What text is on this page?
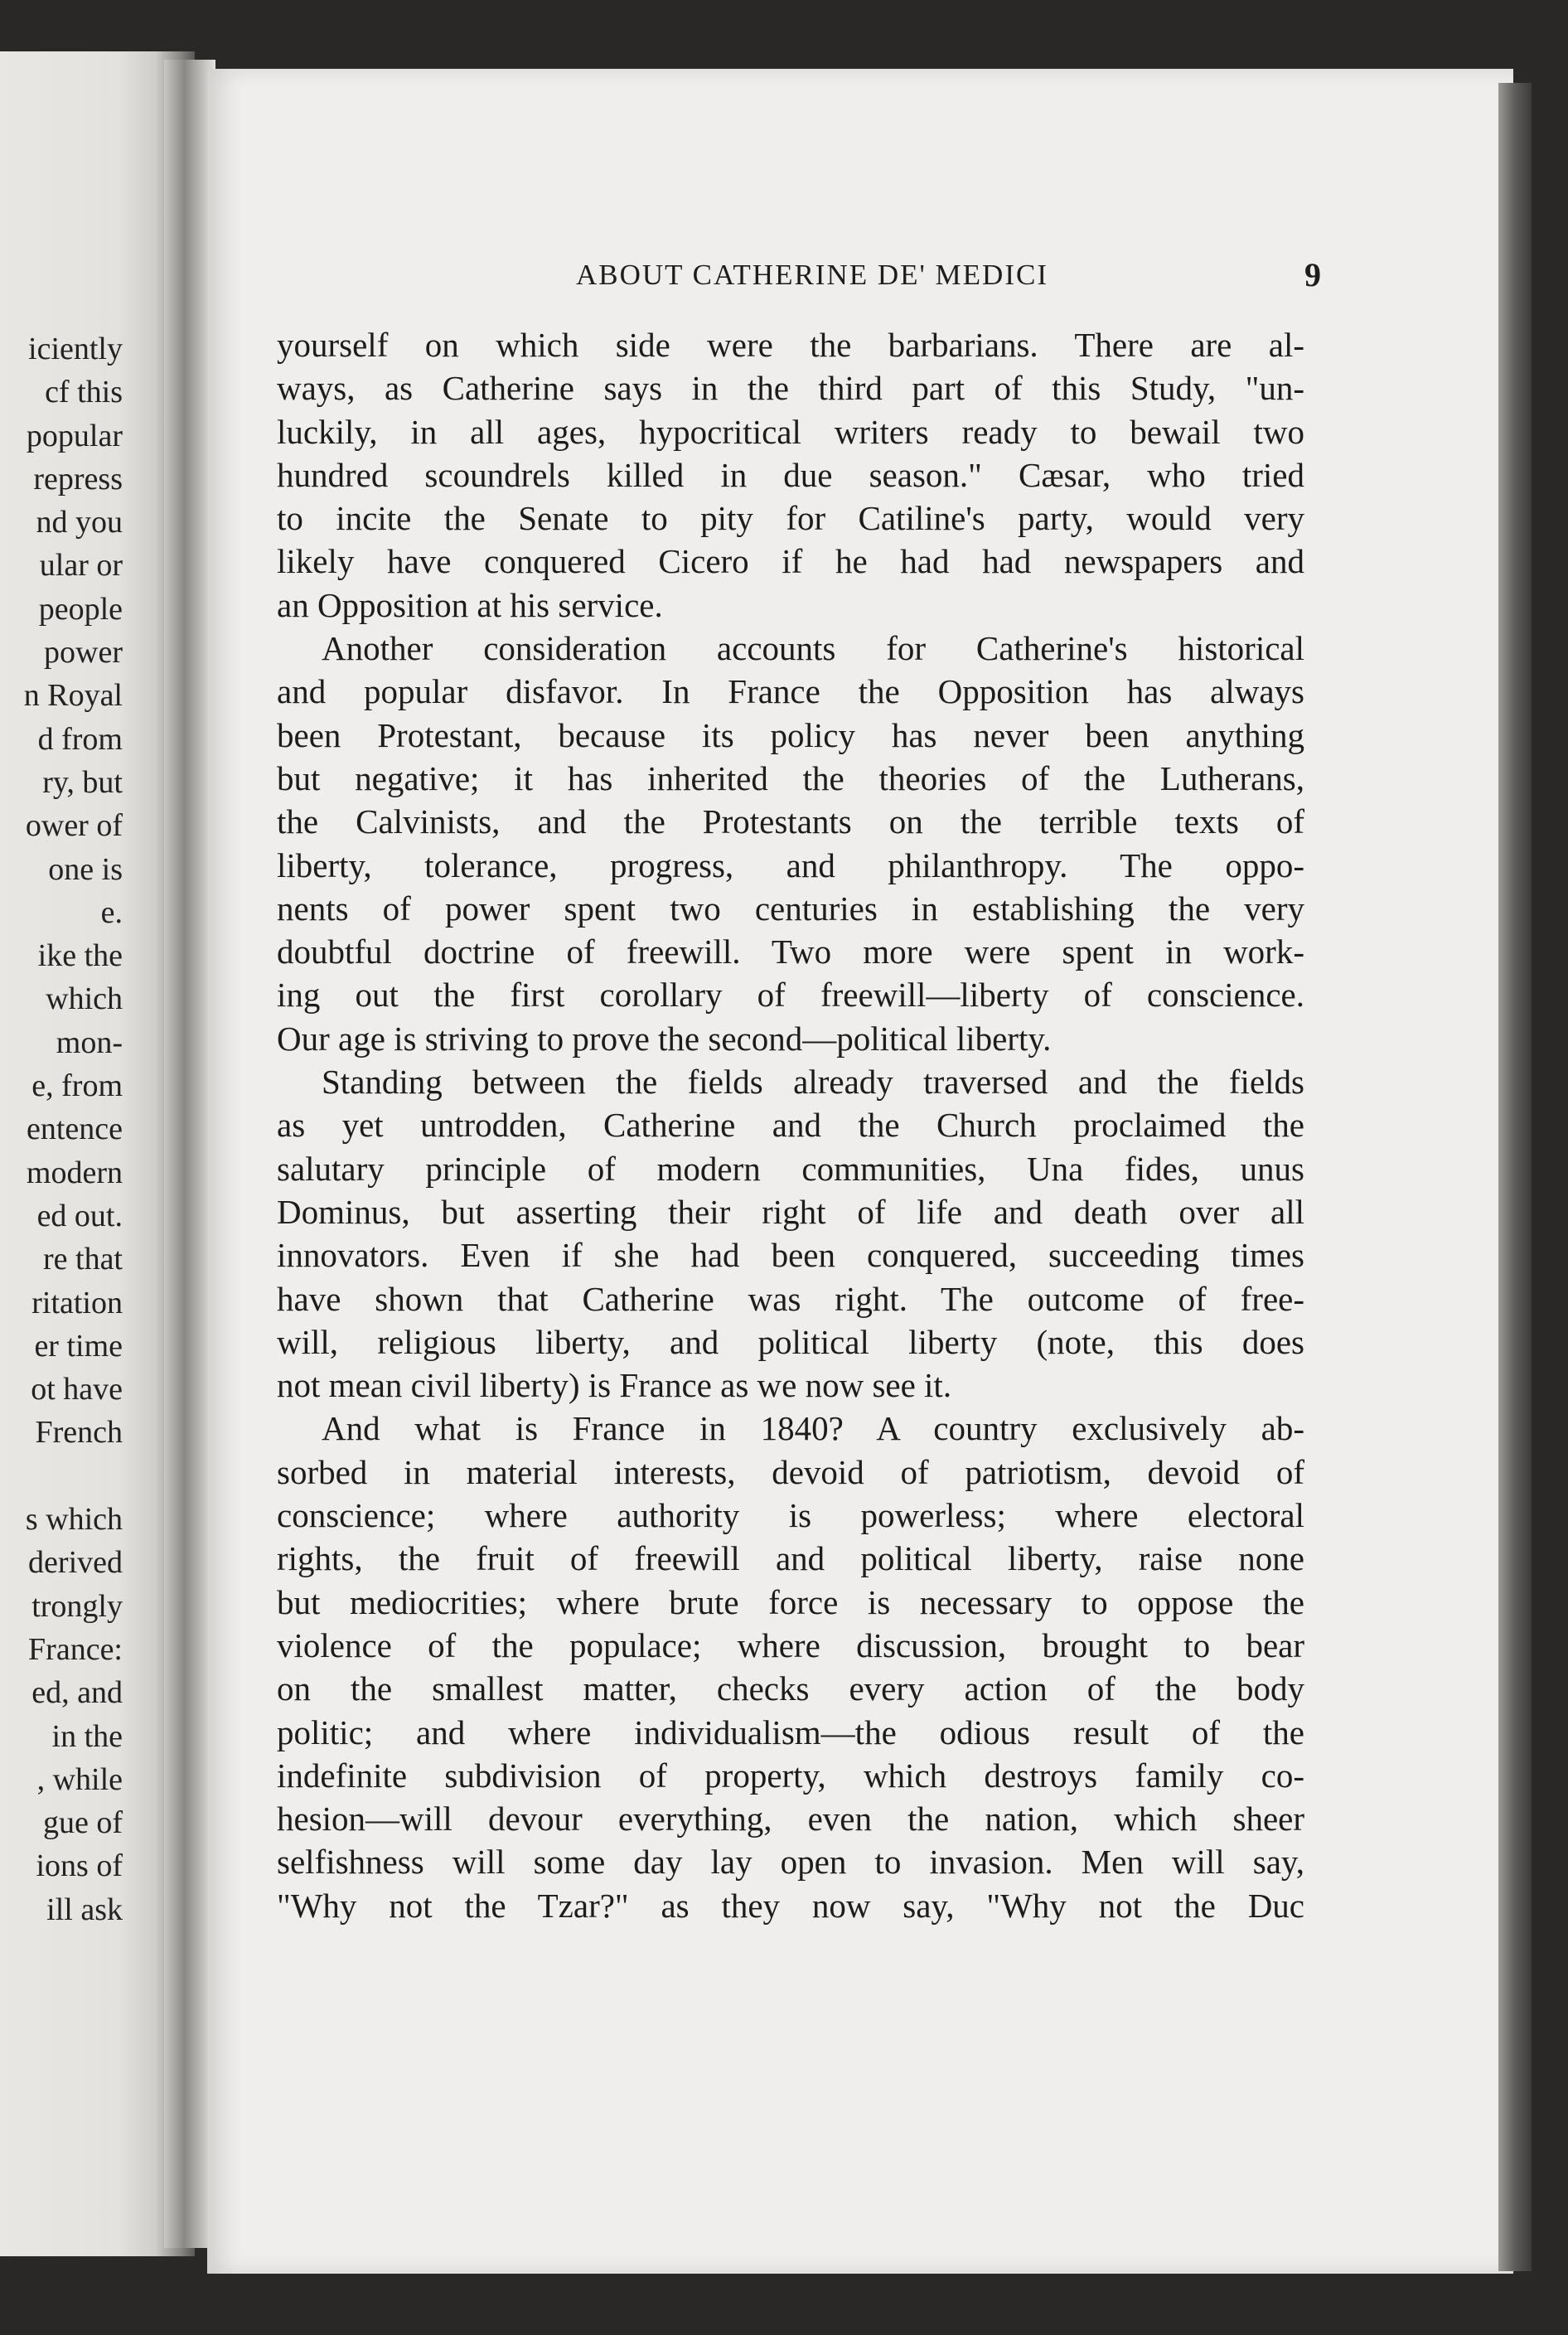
iciently
cf this
popular
repress
nd you
ular or
people
power
n Royal
d from
ry, but
ower of
one is
e.
ike the
which
mon-
e, from
entence
modern
ed out.
re that
ritation
er time
ot have
French
s which
derived
trongly
France:
ed, and
in the
, while
gue of
ions of
ill ask
ABOUT CATHERINE DE' MEDICI	9
yourself on which side were the barbarians. There are al-
ways, as Catherine says in the third part of this Study, "un-
luckily, in all ages, hypocritical writers ready to bewail two
hundred scoundrels killed in due season." Cæsar, who tried
to incite the Senate to pity for Catiline's party, would very
likely have conquered Cicero if he had had newspapers and
an Opposition at his service.
Another consideration accounts for Catherine's historical
and popular disfavor. In France the Opposition has always
been Protestant, because its policy has never been anything
but negative; it has inherited the theories of the Lutherans,
the Calvinists, and the Protestants on the terrible texts of
liberty, tolerance, progress, and philanthropy. The oppo-
nents of power spent two centuries in establishing the very
doubtful doctrine of freewill. Two more were spent in work-
ing out the first corollary of freewill—liberty of conscience.
Our age is striving to prove the second—political liberty.
Standing between the fields already traversed and the fields
as yet untrodden, Catherine and the Church proclaimed the
salutary principle of modern communities, Una fides, unus
Dominus, but asserting their right of life and death over all
innovators. Even if she had been conquered, succeeding times
have shown that Catherine was right. The outcome of free-
will, religious liberty, and political liberty (note, this does
not mean civil liberty) is France as we now see it.
And what is France in 1840? A country exclusively ab-
sorbed in material interests, devoid of patriotism, devoid of
conscience; where authority is powerless; where electoral
rights, the fruit of freewill and political liberty, raise none
but mediocrities; where brute force is necessary to oppose the
violence of the populace; where discussion, brought to bear
on the smallest matter, checks every action of the body
politic; and where individualism—the odious result of the
indefinite subdivision of property, which destroys family co-
hesion—will devour everything, even the nation, which sheer
selfishness will some day lay open to invasion. Men will say,
"Why not the Tzar?" as they now say, "Why not the Duc
